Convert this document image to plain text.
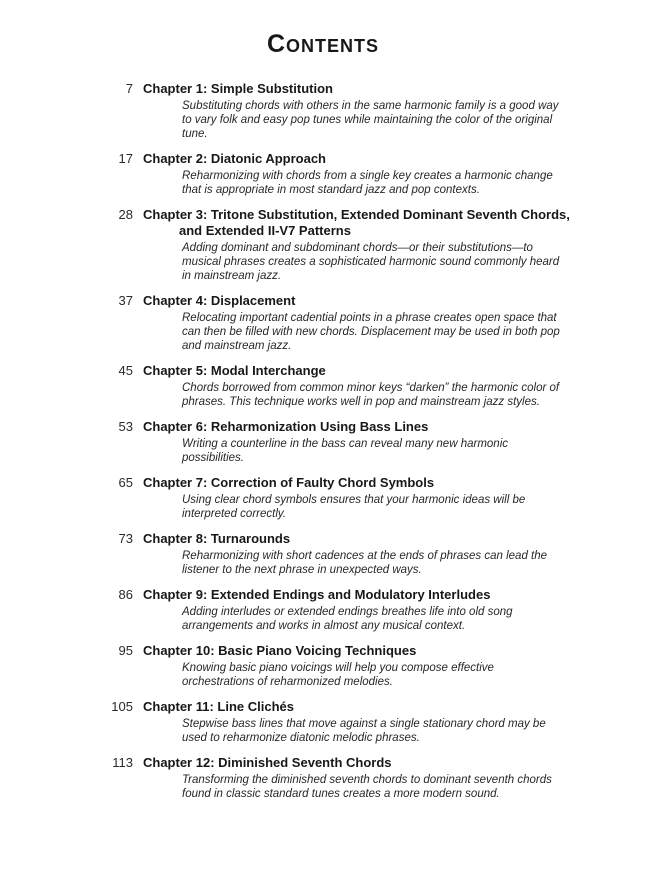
Contents
7 Chapter 1: Simple Substitution
Substituting chords with others in the same harmonic family is a good way to vary folk and easy pop tunes while maintaining the color of the original tune.
17 Chapter 2: Diatonic Approach
Reharmonizing with chords from a single key creates a harmonic change that is appropriate in most standard jazz and pop contexts.
28 Chapter 3: Tritone Substitution, Extended Dominant Seventh Chords, and Extended II-V7 Patterns
Adding dominant and subdominant chords—or their substitutions—to musical phrases creates a sophisticated harmonic sound commonly heard in mainstream jazz.
37 Chapter 4: Displacement
Relocating important cadential points in a phrase creates open space that can then be filled with new chords. Displacement may be used in both pop and mainstream jazz.
45 Chapter 5: Modal Interchange
Chords borrowed from common minor keys “darken” the harmonic color of phrases. This technique works well in pop and mainstream jazz styles.
53 Chapter 6: Reharmonization Using Bass Lines
Writing a counterline in the bass can reveal many new harmonic possibilities.
65 Chapter 7: Correction of Faulty Chord Symbols
Using clear chord symbols ensures that your harmonic ideas will be interpreted correctly.
73 Chapter 8: Turnarounds
Reharmonizing with short cadences at the ends of phrases can lead the listener to the next phrase in unexpected ways.
86 Chapter 9: Extended Endings and Modulatory Interludes
Adding interludes or extended endings breathes life into old song arrangements and works in almost any musical context.
95 Chapter 10: Basic Piano Voicing Techniques
Knowing basic piano voicings will help you compose effective orchestrations of reharmonized melodies.
105 Chapter 11: Line Clichés
Stepwise bass lines that move against a single stationary chord may be used to reharmonize diatonic melodic phrases.
113 Chapter 12: Diminished Seventh Chords
Transforming the diminished seventh chords to dominant seventh chords found in classic standard tunes creates a more modern sound.
